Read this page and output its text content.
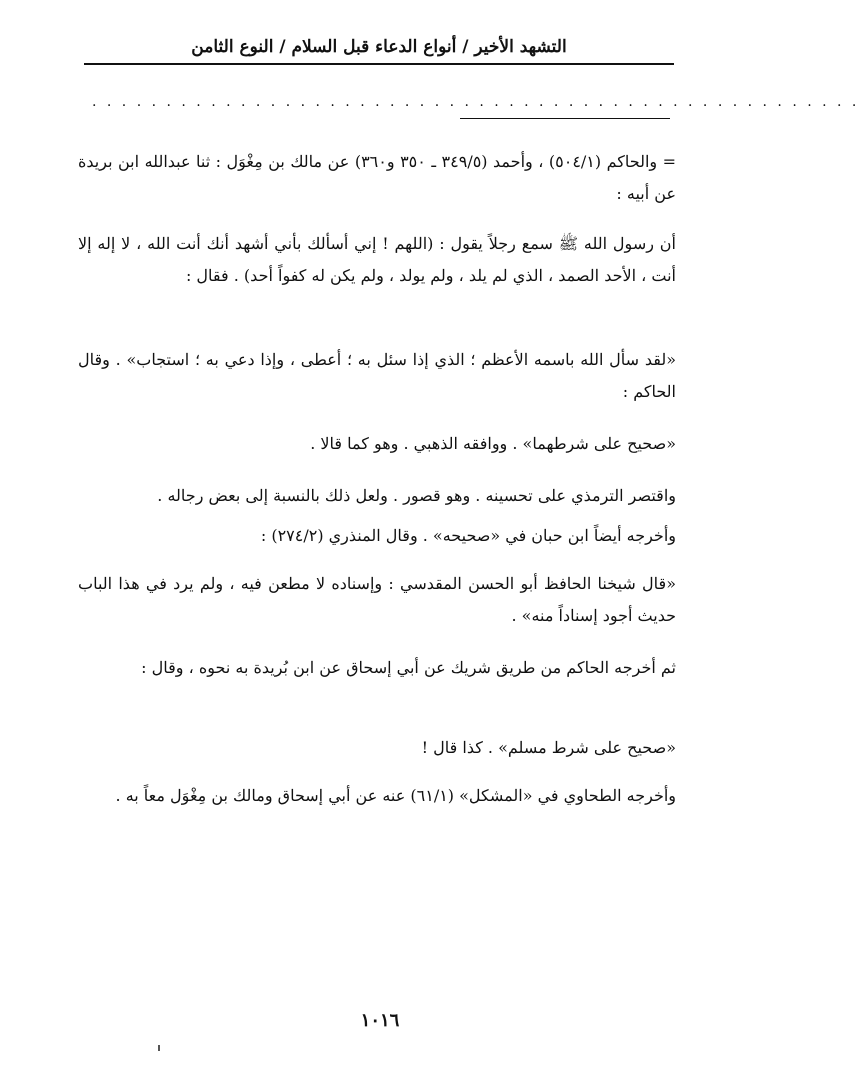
التشهد الأخير / أنواع الدعاء قبل السلام / النوع الثامن
. . . . . . . . . . . . . . . . . . . . . . . . . . . . . . . . . . . . . . . . . . . . . . . . . . . .
= والحاكم (٥٠٤/١) ، وأحمد (٣٤٩/٥ ـ ٣٥٠ و٣٦٠) عن مالك بن مِغْوَل : ثنا عبدالله ابن بريدة عن أبيه :
أن رسول الله ﷺ سمع رجلاً يقول : (اللهم ! إني أسألك بأني أشهد أنك أنت الله ، لا إله إلا أنت ، الأحد الصمد ، الذي لم يلد ، ولم يولد ، ولم يكن له كفواً أحد) . فقال :
«لقد سأل الله باسمه الأعظم ؛ الذي إذا سئل به ؛ أعطى ، وإذا دعي به ؛ استجاب» . وقال الحاكم :
«صحيح على شرطهما» . ووافقه الذهبي . وهو كما قالا .
واقتصر الترمذي على تحسينه . وهو قصور . ولعل ذلك بالنسبة إلى بعض رجاله .
وأخرجه أيضاً ابن حبان في «صحيحه» . وقال المنذري (٢٧٤/٢) :
«قال شيخنا الحافظ أبو الحسن المقدسي : وإسناده لا مطعن فيه ، ولم يرد في هذا الباب حديث أجود إسناداً منه» .
ثم أخرجه الحاكم من طريق شريك عن أبي إسحاق عن ابن بُريدة به نحوه ، وقال :
«صحيح على شرط مسلم» . كذا قال !
وأخرجه الطحاوي في «المشكل» (٦١/١) عنه عن أبي إسحاق ومالك بن مِغْوَل معاً به .
١٠١٦
